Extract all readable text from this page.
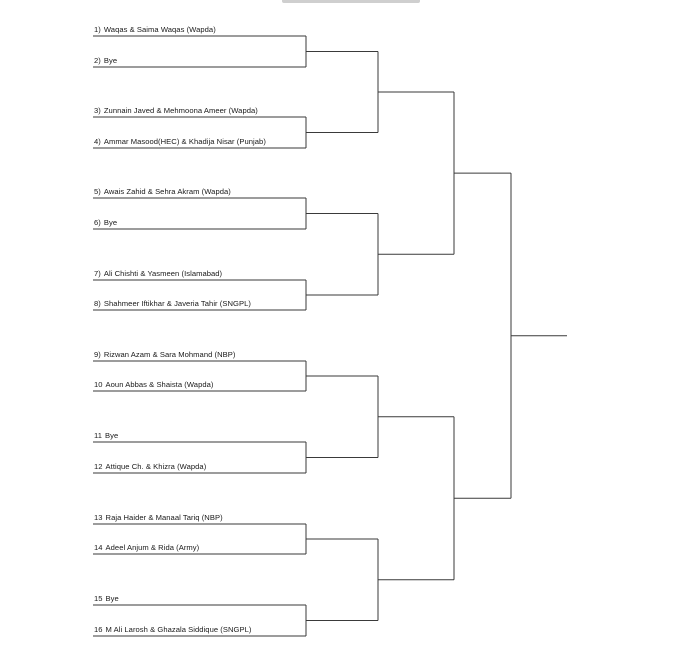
1) Waqas & Saima Waqas (Wapda)
2) Bye
3) Zunnain Javed & Mehmoona Ameer (Wapda)
4) Ammar Masood(HEC) & Khadija Nisar (Punjab)
5) Awais Zahid & Sehra Akram (Wapda)
6) Bye
7) Ali Chishti & Yasmeen (Islamabad)
8) Shahmeer Iftikhar & Javeria Tahir (SNGPL)
9) Rizwan Azam & Sara Mohmand (NBP)
10 Aoun Abbas & Shaista (Wapda)
11 Bye
12 Attique Ch. & Khizra (Wapda)
13 Raja Haider & Manaal Tariq (NBP)
14 Adeel Anjum & Rida (Army)
15 Bye
16 M Ali Larosh & Ghazala Siddique (SNGPL)
